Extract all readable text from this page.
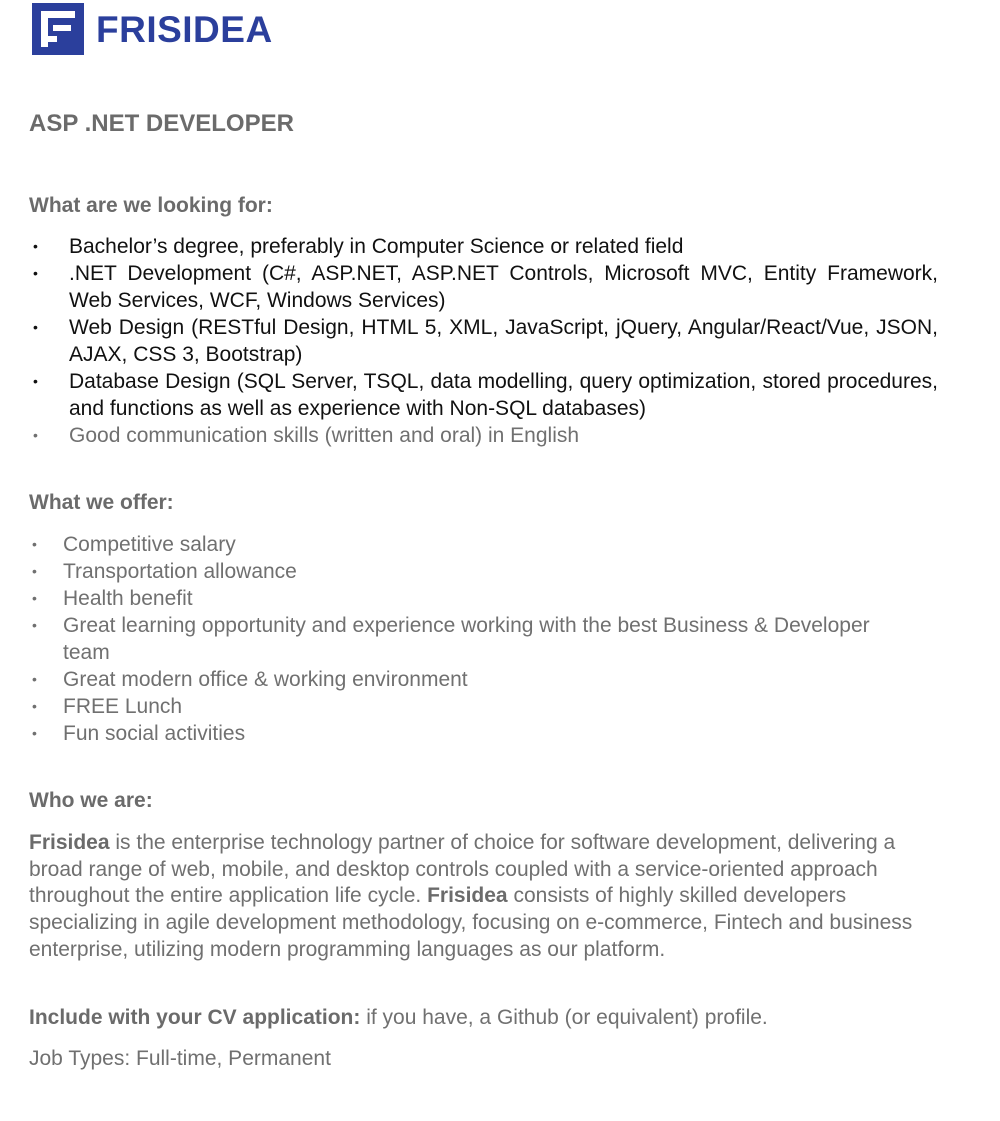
FRISIDEA
ASP .NET DEVELOPER
What are we looking for:
• Bachelor’s degree, preferably in Computer Science or related field
• .NET Development (C#, ASP.NET, ASP.NET Controls, Microsoft MVC, Entity Framework, Web Services, WCF, Windows Services)
• Web Design (RESTful Design, HTML 5, XML, JavaScript, jQuery, Angular/React/Vue, JSON, AJAX, CSS 3, Bootstrap)
• Database Design (SQL Server, TSQL, data modelling, query optimization, stored procedures, and functions as well as experience with Non-SQL databases)
• Good communication skills (written and oral) in English
What we offer:
• Competitive salary
• Transportation allowance
• Health benefit
• Great learning opportunity and experience working with the best Business & Developer team
• Great modern office & working environment
• FREE Lunch
• Fun social activities
Who we are:

Frisidea is the enterprise technology partner of choice for software development, delivering a broad range of web, mobile, and desktop controls coupled with a service-oriented approach throughout the entire application life cycle. Frisidea consists of highly skilled developers specializing in agile development methodology, focusing on e-commerce, Fintech and business enterprise, utilizing modern programming languages as our platform.

Include with your CV application: if you have, a Github (or equivalent) profile.

Job Types: Full-time, Permanent
